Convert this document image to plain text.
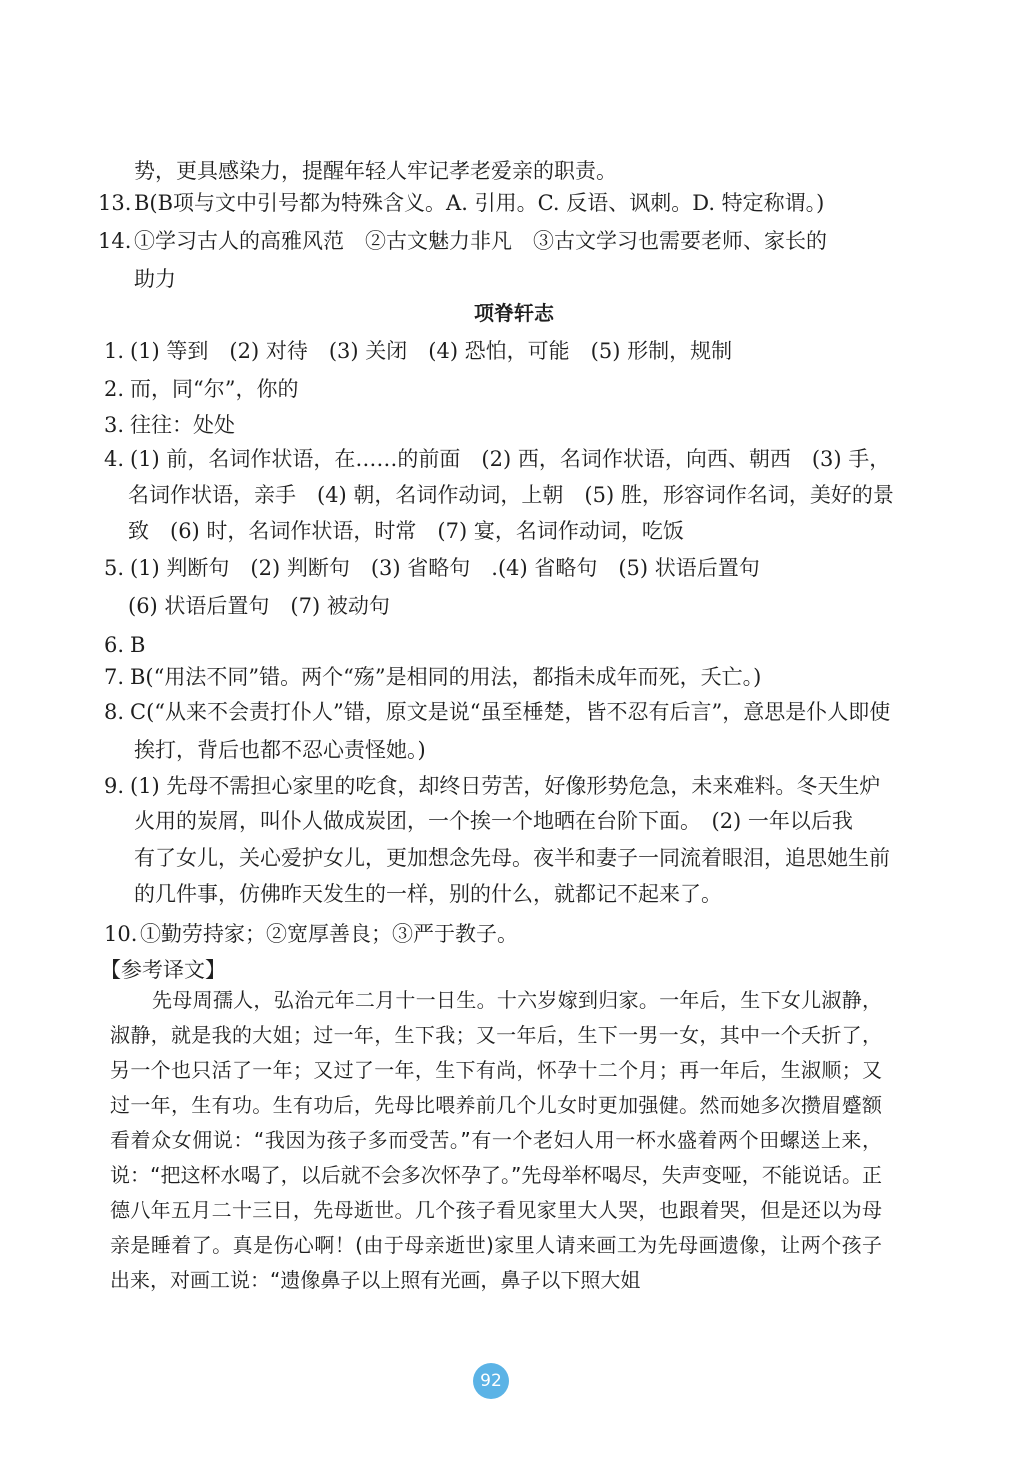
势，更具感染力，提醒年轻人牢记孝老爱亲的职责。
13. B(B项与文中引号都为特殊含义。A. 引用。C. 反语、讽刺。D. 特定称谓。)
14. ①学习古人的高雅风范　②古文魅力非凡　③古文学习也需要老师、家长的
助力
项脊轩志
1. (1) 等到　(2) 对待　(3) 关闭　(4) 恐怕，可能　(5) 形制，规制
2. 而，同“尔”，你的
3. 往往：处处
4. (1) 前，名词作状语，在……的前面　(2) 西，名词作状语，向西、朝西　(3) 手，
名词作状语，亲手　(4) 朝，名词作动词，上朝　(5) 胜，形容词作名词，美好的景
致　(6) 时，名词作状语，时常　(7) 宴，名词作动词，吃饭
5. (1) 判断句　(2) 判断句　(3) 省略句　.(4) 省略句　(5) 状语后置句
(6) 状语后置句　(7) 被动句
6. B
7. B(“用法不同”错。两个“殇”是相同的用法，都指未成年而死，夭亡。)
8. C(“从来不会责打仆人”错，原文是说“虽至棰楚，皆不忍有后言”，意思是仆人即使
挨打，背后也都不忍心责怪她。)
9. (1) 先母不需担心家里的吃食，却终日劳苦，好像形势危急，未来难料。冬天生炉
火用的炭屑，叫仆人做成炭团，一个挨一个地晒在台阶下面。　(2) 一年以后我
有了女儿，关心爱护女儿，更加想念先母。夜半和妻子一同流着眼泪，追思她生前
的几件事，仿佛昨天发生的一样，别的什么，就都记不起来了。
10. ①勤劳持家；②宽厚善良；③严于教子。
【参考译文】

先母周孺人，弘治元年二月十一日生。十六岁嫁到归家。一年后，生下女儿淑静，淑静，就是我的大姐；过一年，生下我；又一年后，生下一男一女，其中一个夭折了，另一个也只活了一年；又过了一年，生下有尚，怀孕十二个月；再一年后，生淑顺；又过一年，生有功。生有功后，先母比喂养前几个儿女时更加强健。然而她多次攒眉蹙额看着众女佣说：“我因为孩子多而受苦。”有一个老妇人用一杯水盛着两个田螺送上来，说：“把这杯水喝了，以后就不会多次怀孕了。”先母举杯喝尽，失声变哑，不能说话。正德八年五月二十三日，先母逝世。几个孩子看见家里大人哭，也跟着哭，但是还以为母亲是睡着了。真是伤心啊！(由于母亲逝世)家里人请来画工为先母画遗像，让两个孩子出来，对画工说：“遗像鼻子以上照有光画，鼻子以下照大姐

92
